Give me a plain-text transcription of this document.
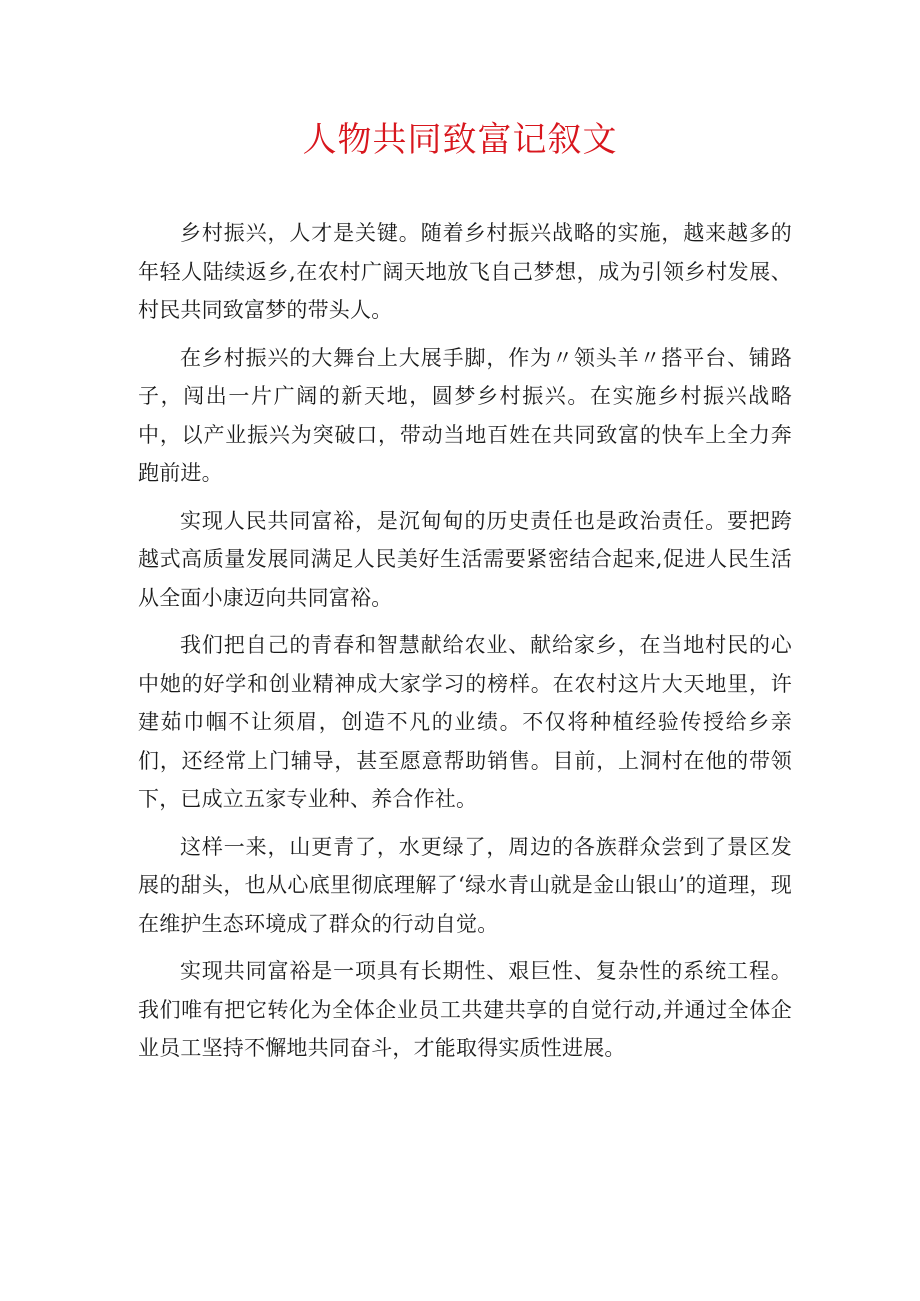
人物共同致富记叙文

乡村振兴，人才是关键。随着乡村振兴战略的实施，越来越多的年轻人陆续返乡,在农村广阔天地放飞自己梦想，成为引领乡村发展、村民共同致富梦的带头人。

在乡村振兴的大舞台上大展手脚，作为〃领头羊〃搭平台、铺路子，闯出一片广阔的新天地，圆梦乡村振兴。在实施乡村振兴战略中，以产业振兴为突破口，带动当地百姓在共同致富的快车上全力奔跑前进。

实现人民共同富裕，是沉甸甸的历史责任也是政治责任。要把跨越式高质量发展同满足人民美好生活需要紧密结合起来,促进人民生活从全面小康迈向共同富裕。

我们把自己的青春和智慧献给农业、献给家乡，在当地村民的心中她的好学和创业精神成大家学习的榜样。在农村这片大天地里，许建茹巾帼不让须眉，创造不凡的业绩。不仅将种植经验传授给乡亲们，还经常上门辅导，甚至愿意帮助销售。目前，上洞村在他的带领下，已成立五家专业种、养合作社。

这样一来，山更青了，水更绿了，周边的各族群众尝到了景区发展的甜头，也从心底里彻底理解了‘绿水青山就是金山银山’的道理，现在维护生态环境成了群众的行动自觉。

实现共同富裕是一项具有长期性、艰巨性、复杂性的系统工程。我们唯有把它转化为全体企业员工共建共享的自觉行动,并通过全体企业员工坚持不懈地共同奋斗，才能取得实质性进展。
